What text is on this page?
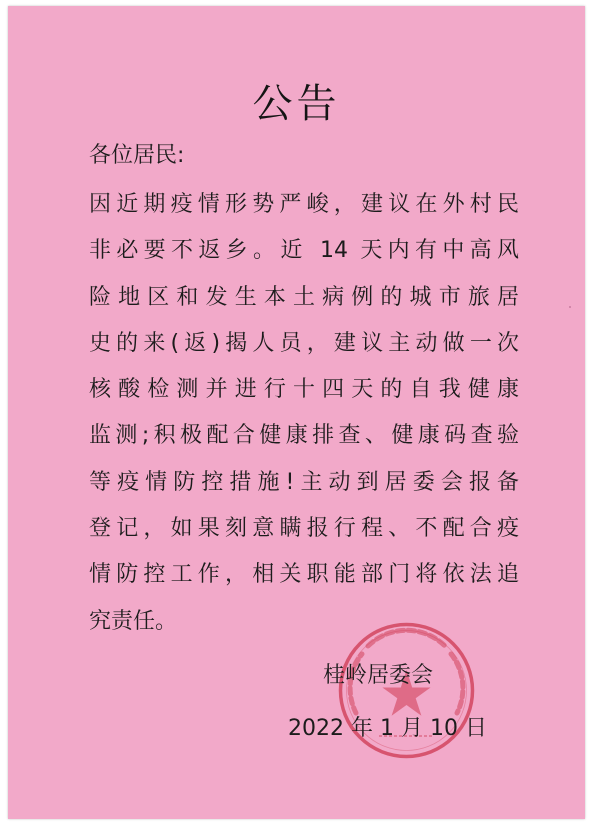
公告
各位居民:
因近期疫情形势严峻，建议在外村民
非必要不返乡。近 14 天内有中高风
险地区和发生本土病例的城市旅居
史的来(返)揭人员，建议主动做一次
核酸检测并进行十四天的自我健康
监测;积极配合健康排查、健康码查验
等疫情防控措施!主动到居委会报备
登记，如果刻意瞒报行程、不配合疫
情防控工作，相关职能部门将依法追
究责任。
桂岭居委会
2022 年 1 月 10 日
